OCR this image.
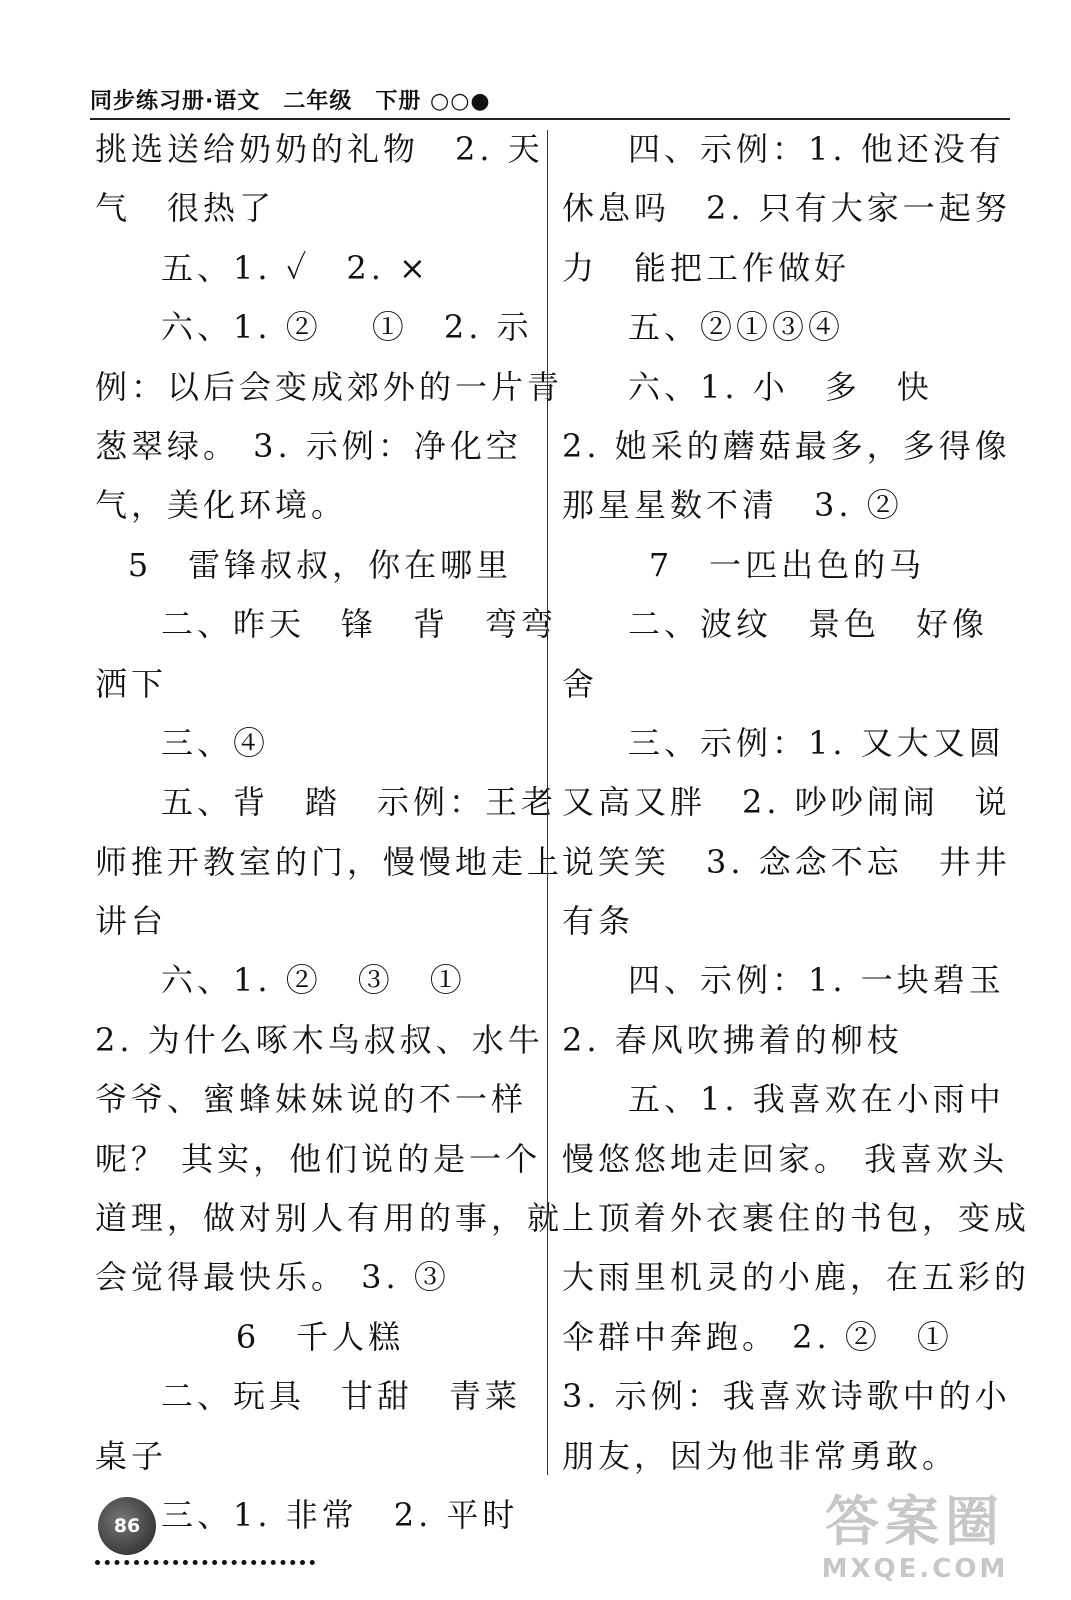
同步练习册·语文　二年级　下册 ○○●
挑选送给奶奶的礼物　2. 天
气　很热了
五、1. ✓　2. ×
六、1. ②　 ①　2. 示
例：以后会变成郊外的一片青
葱翠绿。 3. 示例：净化空
气，美化环境。
5　雷锋叔叔，你在哪里
二、昨天　锋　背　弯弯
洒下
三、④
五、背　踏　示例：王老
师推开教室的门，慢慢地走上
讲台
六、1. ②　③　①
2. 为什么啄木鸟叔叔、水牛
爷爷、蜜蜂妹妹说的不一样
呢？ 其实，他们说的是一个
道理，做对别人有用的事，就
会觉得最快乐。 3. ③
6　千人糕
二、玩具　甘甜　青菜
桌子
三、1. 非常　2. 平时
四、示例：1. 他还没有
休息吗　2. 只有大家一起努
力　能把工作做好
五、②①③④
六、1. 小　多　快
2. 她采的蘑菇最多，多得像
那星星数不清　3. ②
7　一匹出色的马
二、波纹　景色　好像
舍
三、示例：1. 又大又圆
又高又胖　2. 吵吵闹闹　说
说笑笑　3. 念念不忘　井井
有条
四、示例：1. 一块碧玉
2. 春风吹拂着的柳枝
五、1. 我喜欢在小雨中
慢悠悠地走回家。 我喜欢头
上顶着外衣裹住的书包，变成
大雨里机灵的小鹿，在五彩的
伞群中奔跑。 2. ②　①
3. 示例：我喜欢诗歌中的小
朋友，因为他非常勇敢。
86	答案圈
MXQE.COM
